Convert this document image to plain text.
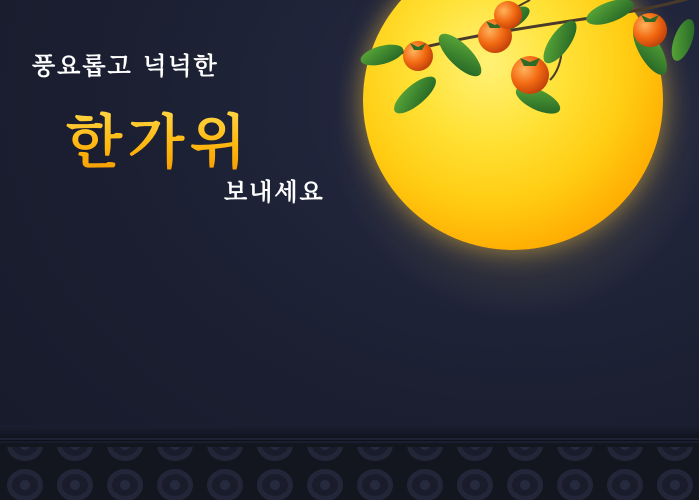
풍요롭고 넉넉한
한가위
보내세요
